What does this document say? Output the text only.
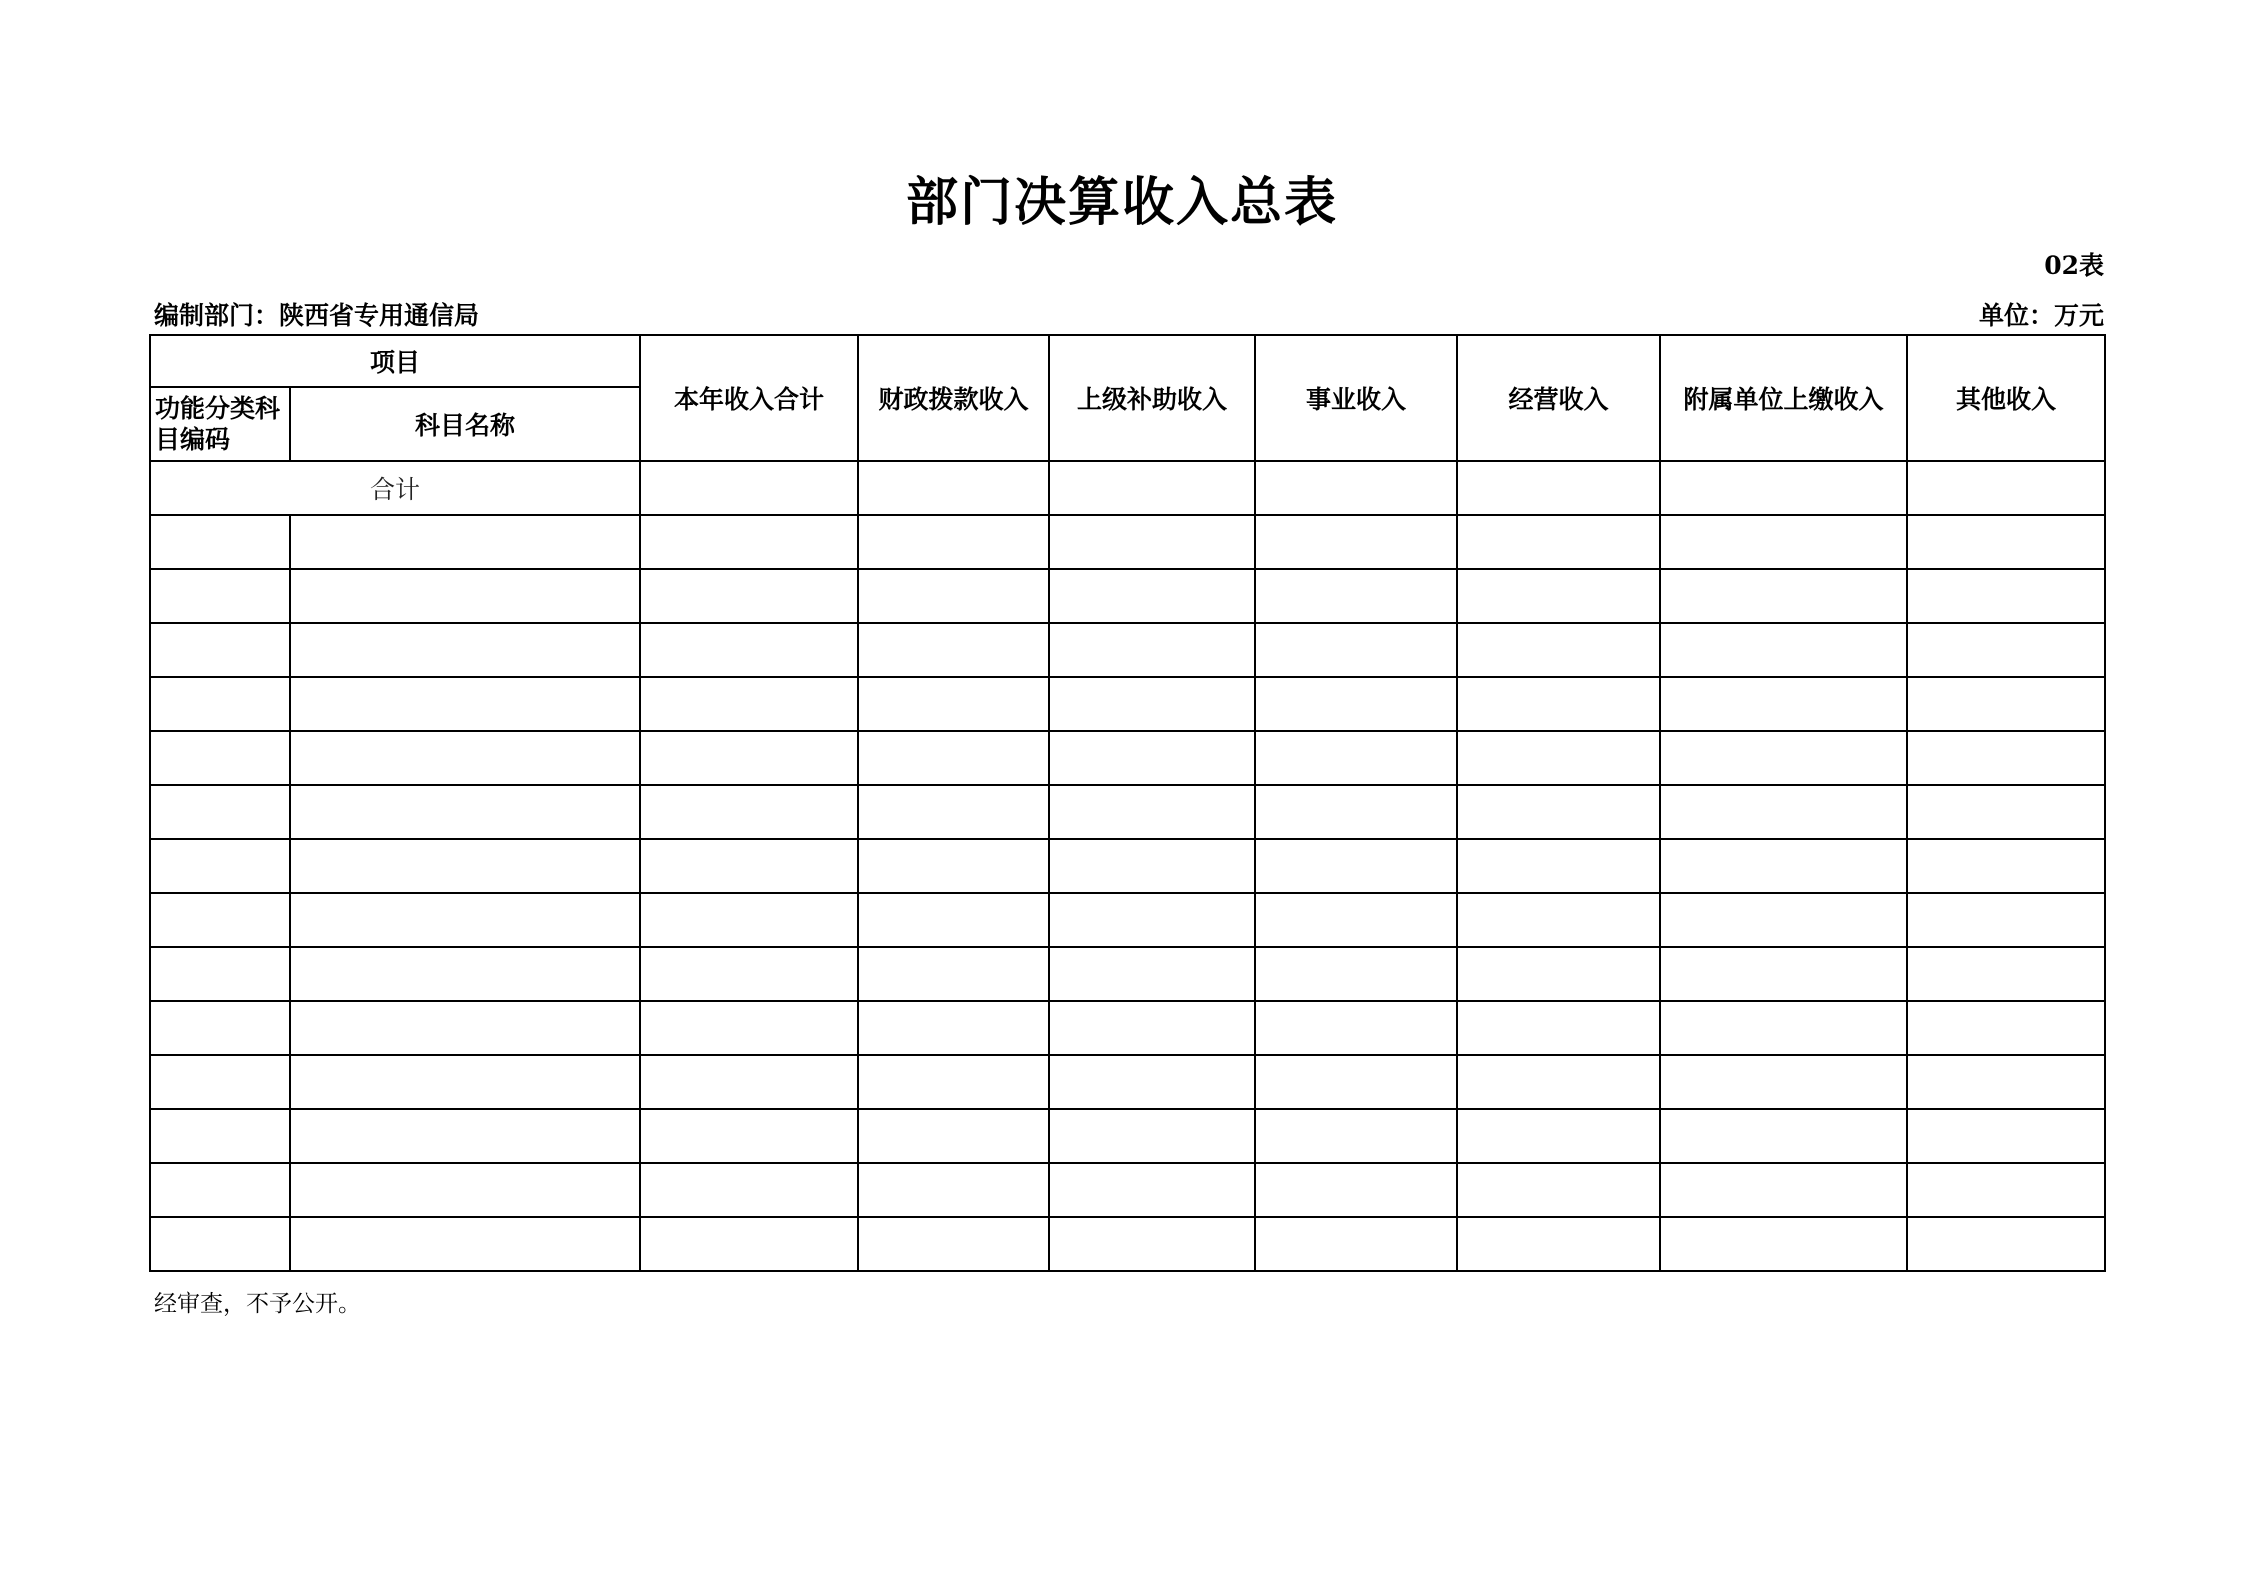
部门决算收入总表
02表
编制部门：陕西省专用通信局	单位：万元
项目		本年收入合计	财政拨款收入	上级补助收入	事业收入	经营收入	附属单位上缴收入	其他收入
功能分类科目编码	科目名称							
合计								

经审查，不予公开。
